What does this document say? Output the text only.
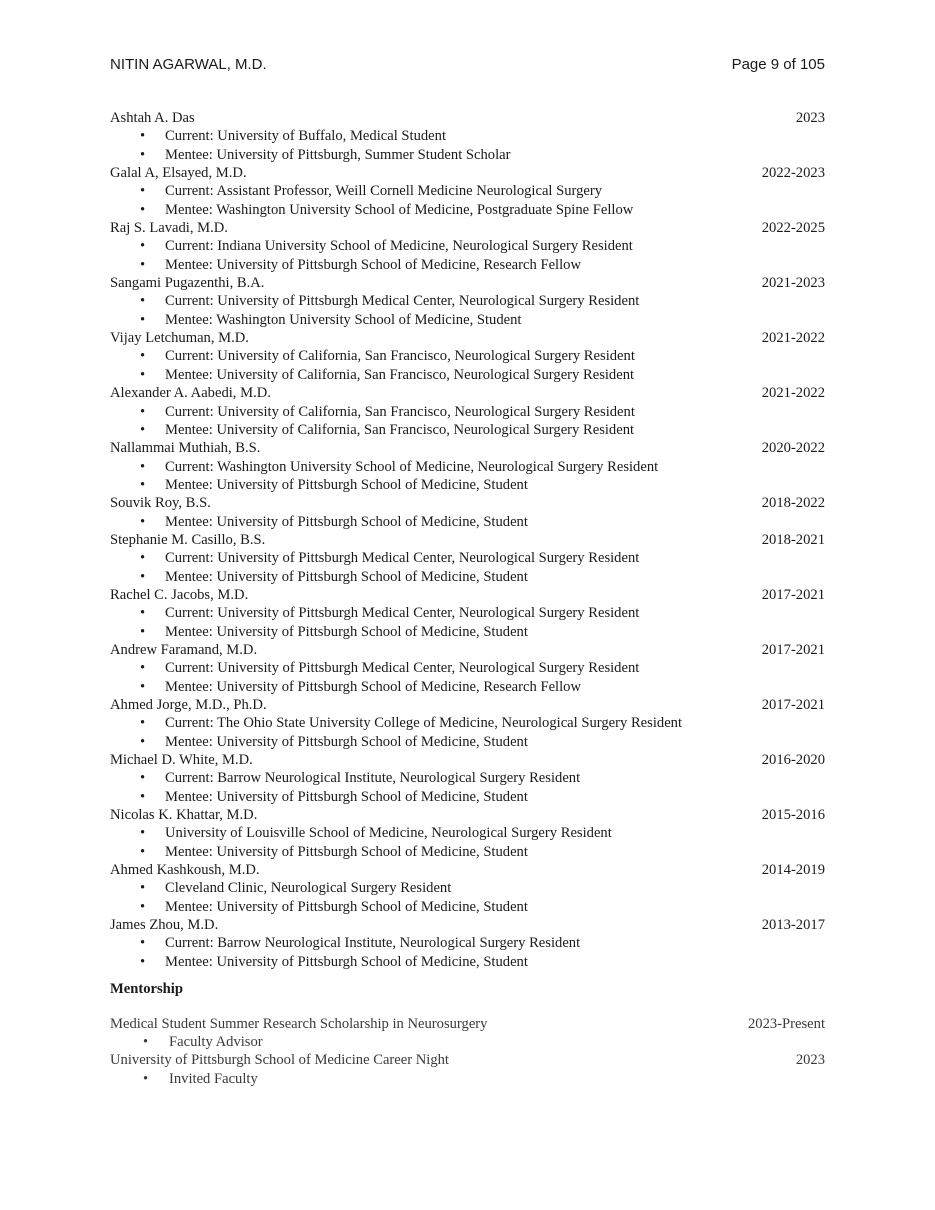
NITIN AGARWAL, M.D.	Page 9 of 105
Ashtah A. Das	2023
• Current: University of Buffalo, Medical Student
• Mentee: University of Pittsburgh, Summer Student Scholar
Galal A, Elsayed, M.D.	2022-2023
• Current: Assistant Professor, Weill Cornell Medicine Neurological Surgery
• Mentee: Washington University School of Medicine, Postgraduate Spine Fellow
Raj S. Lavadi, M.D.	2022-2025
• Current: Indiana University School of Medicine, Neurological Surgery Resident
• Mentee: University of Pittsburgh School of Medicine, Research Fellow
Sangami Pugazenthi, B.A.	2021-2023
• Current: University of Pittsburgh Medical Center, Neurological Surgery Resident
• Mentee: Washington University School of Medicine, Student
Vijay Letchuman, M.D.	2021-2022
• Current: University of California, San Francisco, Neurological Surgery Resident
• Mentee: University of California, San Francisco, Neurological Surgery Resident
Alexander A. Aabedi, M.D.	2021-2022
• Current: University of California, San Francisco, Neurological Surgery Resident
• Mentee: University of California, San Francisco, Neurological Surgery Resident
Nallammai Muthiah, B.S.	2020-2022
• Current: Washington University School of Medicine, Neurological Surgery Resident
• Mentee: University of Pittsburgh School of Medicine, Student
Souvik Roy, B.S.	2018-2022
• Mentee: University of Pittsburgh School of Medicine, Student
Stephanie M. Casillo, B.S.	2018-2021
• Current: University of Pittsburgh Medical Center, Neurological Surgery Resident
• Mentee: University of Pittsburgh School of Medicine, Student
Rachel C. Jacobs, M.D.	2017-2021
• Current: University of Pittsburgh Medical Center, Neurological Surgery Resident
• Mentee: University of Pittsburgh School of Medicine, Student
Andrew Faramand, M.D.	2017-2021
• Current: University of Pittsburgh Medical Center, Neurological Surgery Resident
• Mentee: University of Pittsburgh School of Medicine, Research Fellow
Ahmed Jorge, M.D., Ph.D.	2017-2021
• Current: The Ohio State University College of Medicine, Neurological Surgery Resident
• Mentee: University of Pittsburgh School of Medicine, Student
Michael D. White, M.D.	2016-2020
• Current: Barrow Neurological Institute, Neurological Surgery Resident
• Mentee: University of Pittsburgh School of Medicine, Student
Nicolas K. Khattar, M.D.	2015-2016
• University of Louisville School of Medicine, Neurological Surgery Resident
• Mentee: University of Pittsburgh School of Medicine, Student
Ahmed Kashkoush, M.D.	2014-2019
• Cleveland Clinic, Neurological Surgery Resident
• Mentee: University of Pittsburgh School of Medicine, Student
James Zhou, M.D.	2013-2017
• Current: Barrow Neurological Institute, Neurological Surgery Resident
• Mentee: University of Pittsburgh School of Medicine, Student
Mentorship
Medical Student Summer Research Scholarship in Neurosurgery	2023-Present
• Faculty Advisor
University of Pittsburgh School of Medicine Career Night	2023
• Invited Faculty
